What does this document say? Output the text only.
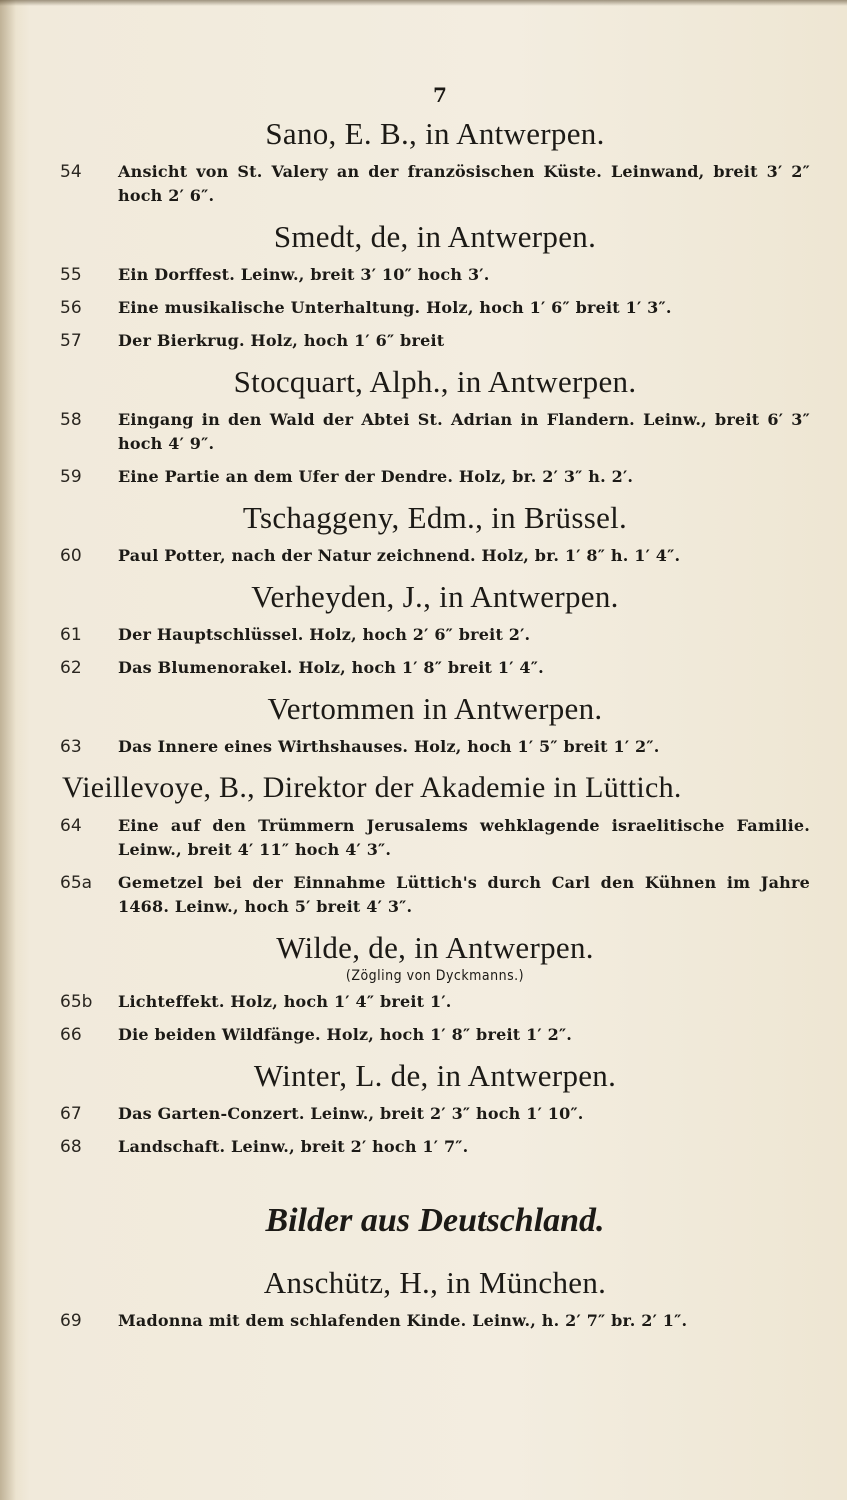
7
Sano, E. B., in Antwerpen.
54	Ansicht von St. Valery an der französischen Küste. Leinwand, breit 3′ 2″ hoch 2′ 6″.
Smedt, de, in Antwerpen.
55	Ein Dorffest. Leinw., breit 3′ 10″ hoch 3′.
56	Eine musikalische Unterhaltung. Holz, hoch 1′ 6″ breit 1′ 3″.
57	Der Bierkrug. Holz, hoch 1′ 6″ breit
Stocquart, Alph., in Antwerpen.
58	Eingang in den Wald der Abtei St. Adrian in Flandern. Leinw., breit 6′ 3″ hoch 4′ 9″.
59	Eine Partie an dem Ufer der Dendre. Holz, br. 2′ 3″ h. 2′.
Tschaggeny, Edm., in Brüssel.
60	Paul Potter, nach der Natur zeichnend. Holz, br. 1′ 8″ h. 1′ 4″.
Verheyden, J., in Antwerpen.
61	Der Hauptschlüssel. Holz, hoch 2′ 6″ breit 2′.
62	Das Blumenorakel. Holz, hoch 1′ 8″ breit 1′ 4″.
Vertommen in Antwerpen.
63	Das Innere eines Wirthshauses. Holz, hoch 1′ 5″ breit 1′ 2″.
Vieillevoye, B., Direktor der Akademie in Lüttich.
64	Eine auf den Trümmern Jerusalems wehklagende israelitische Familie. Leinw., breit 4′ 11″ hoch 4′ 3″.
65a	Gemetzel bei der Einnahme Lüttich's durch Carl den Kühnen im Jahre 1468. Leinw., hoch 5′ breit 4′ 3″.
Wilde, de, in Antwerpen.
(Zögling von Dyckmanns.)
65b	Lichteffekt. Holz, hoch 1′ 4″ breit 1′.
66	Die beiden Wildfänge. Holz, hoch 1′ 8″ breit 1′ 2″.
Winter, L. de, in Antwerpen.
67	Das Garten-Conzert. Leinw., breit 2′ 3″ hoch 1′ 10″.
68	Landschaft. Leinw., breit 2′ hoch 1′ 7″.
Bilder aus Deutschland.
Anschütz, H., in München.
69	Madonna mit dem schlafenden Kinde. Leinw., h. 2′ 7″ br. 2′ 1″.
